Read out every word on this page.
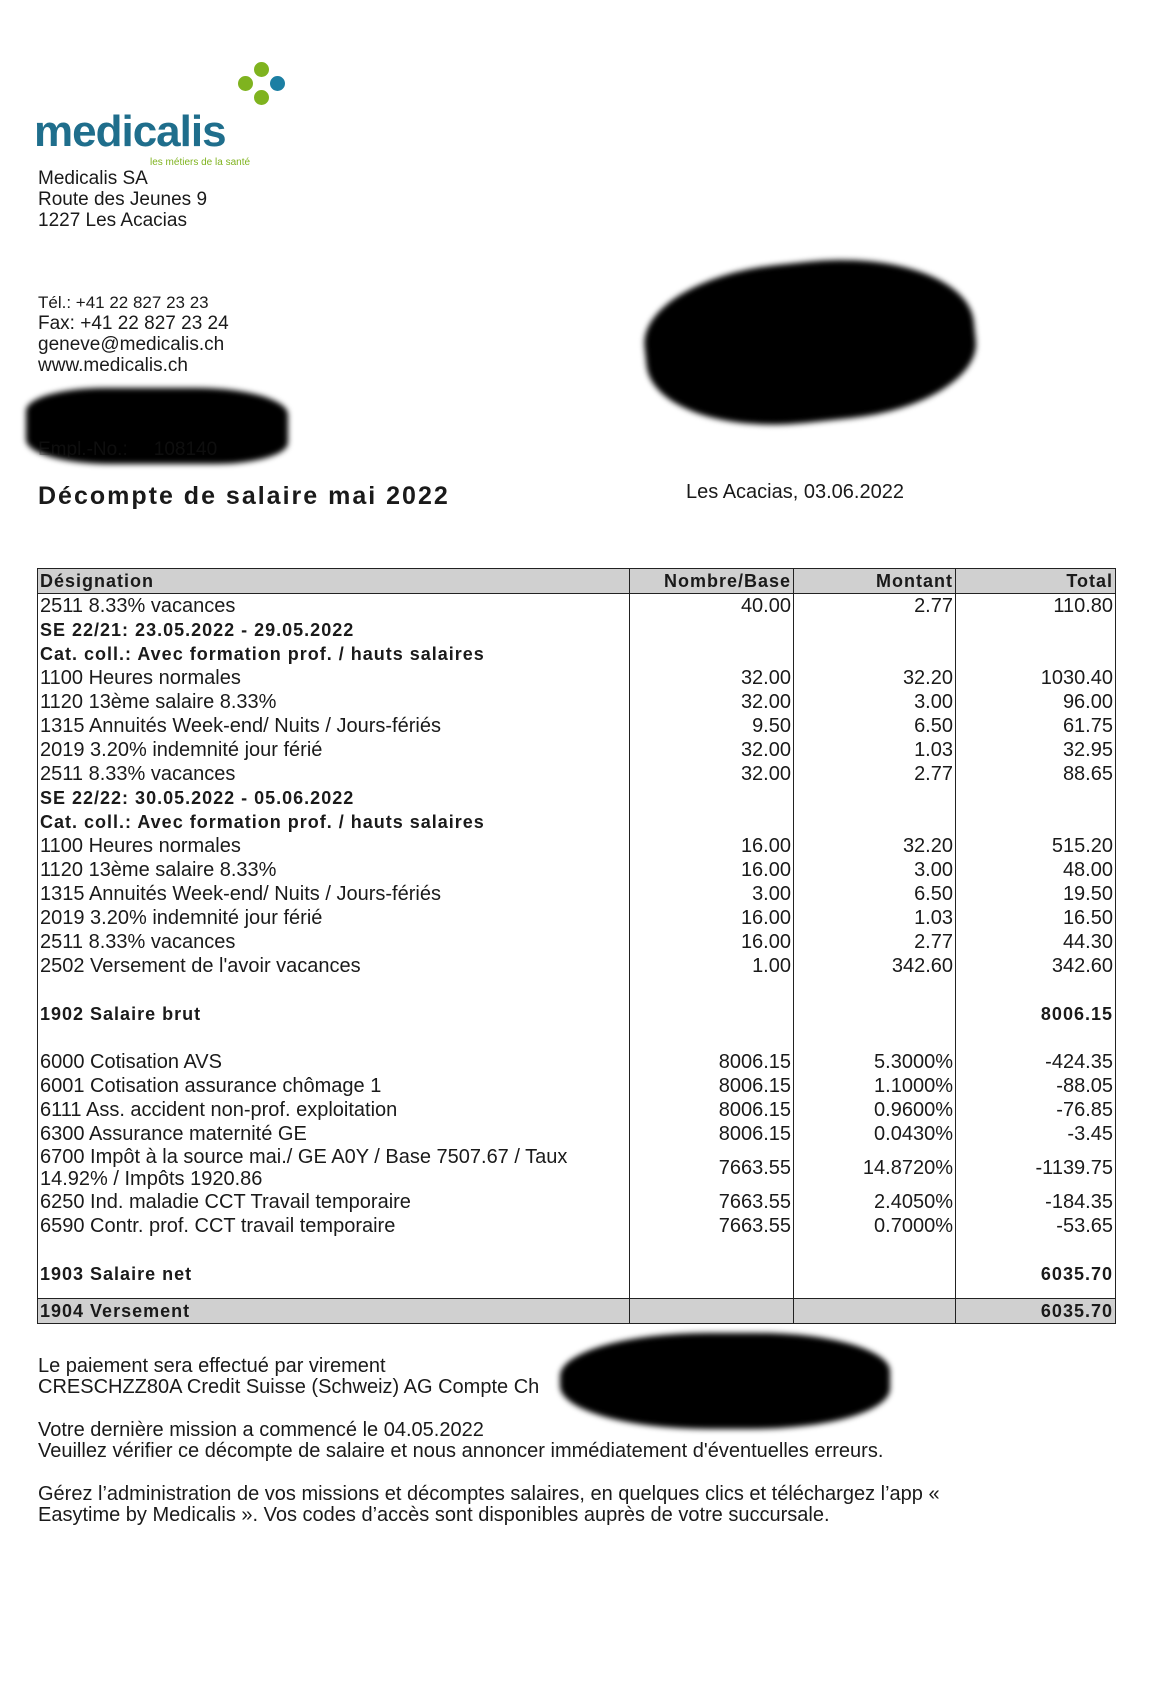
medicalis
les métiers de la santé
Medicalis SA
Route des Jeunes 9
1227 Les Acacias
Tél.: +41 22 827 23 23
Fax: +41 22 827 23 24
geneve@medicalis.ch
www.medicalis.ch
Empl.-No.: 108140
Décompte de salaire mai 2022	Les Acacias, 03.06.2022
Désignation	Nombre/Base	Montant	Total
2511 8.33% vacances	40.00	2.77	110.80
SE 22/21: 23.05.2022 - 29.05.2022			
Cat. coll.: Avec formation prof. / hauts salaires			
1100 Heures normales	32.00	32.20	1030.40
1120 13ème salaire 8.33%	32.00	3.00	96.00
1315 Annuités Week-end/ Nuits / Jours-fériés	9.50	6.50	61.75
2019 3.20% indemnité jour férié	32.00	1.03	32.95
2511 8.33% vacances	32.00	2.77	88.65
SE 22/22: 30.05.2022 - 05.06.2022			
Cat. coll.: Avec formation prof. / hauts salaires			
1100 Heures normales	16.00	32.20	515.20
1120 13ème salaire 8.33%	16.00	3.00	48.00
1315 Annuités Week-end/ Nuits / Jours-fériés	3.00	6.50	19.50
2019 3.20% indemnité jour férié	16.00	1.03	16.50
2511 8.33% vacances	16.00	2.77	44.30
2502 Versement de l'avoir vacances	1.00	342.60	342.60

1902 Salaire brut			8006.15

6000 Cotisation AVS	8006.15	5.3000%	-424.35
6001 Cotisation assurance chômage 1	8006.15	1.1000%	-88.05
6111 Ass. accident non-prof. exploitation	8006.15	0.9600%	-76.85
6300 Assurance maternité GE	8006.15	0.0430%	-3.45
6700 Impôt à la source mai./ GE A0Y / Base 7507.67 / Taux 14.92% / Impôts 1920.86	7663.55	14.8720%	-1139.75
6250 Ind. maladie CCT Travail temporaire	7663.55	2.4050%	-184.35
6590 Contr. prof. CCT travail temporaire	7663.55	0.7000%	-53.65

1903 Salaire net			6035.70

1904 Versement			6035.70
Le paiement sera effectué par virement
CRESCHZZ80A Credit Suisse (Schweiz) AG Compte Ch
Votre dernière mission a commencé le 04.05.2022
Veuillez vérifier ce décompte de salaire et nous annoncer immédiatement d'éventuelles erreurs.
Gérez l’administration de vos missions et décomptes salaires, en quelques clics et téléchargez l’app «
Easytime by Medicalis ». Vos codes d’accès sont disponibles auprès de votre succursale.
